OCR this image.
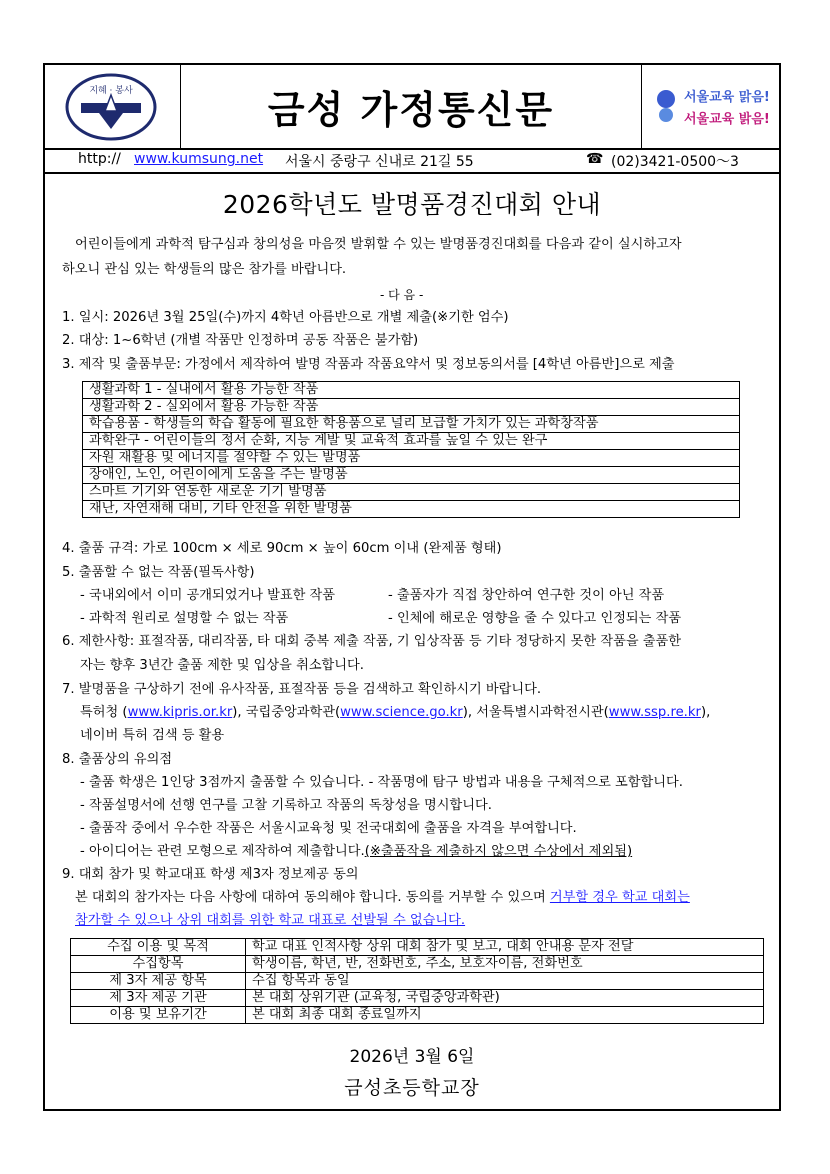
지혜 · 봉사	금성 가정통신문	서울교육 맑음!
서울교육 밝음!
http:// www.kumsung.net 서울시 중랑구 신내로 21길 55	☎ (02)3421-0500～3
2026학년도 발명품경진대회 안내
어린이들에게 과학적 탐구심과 창의성을 마음껏 발휘할 수 있는 발명품경진대회를 다음과 같이 실시하고자
하오니 관심 있는 학생들의 많은 참가를 바랍니다.
- 다 음 -
1. 일시: 2026년 3월 25일(수)까지 4학년 아름반으로 개별 제출(※기한 엄수)
2. 대상: 1~6학년 (개별 작품만 인정하며 공동 작품은 불가함)
3. 제작 및 출품부문: 가정에서 제작하여 발명 작품과 작품요약서 및 정보동의서를 [4학년 아름반]으로 제출
생활과학 1 - 실내에서 활용 가능한 작품
생활과학 2 - 실외에서 활용 가능한 작품
학습용품 - 학생들의 학습 활동에 필요한 학용품으로 널리 보급할 가치가 있는 과학창작품
과학완구 - 어린이들의 정서 순화, 지능 계발 및 교육적 효과를 높일 수 있는 완구
자원 재활용 및 에너지를 절약할 수 있는 발명품
장애인, 노인, 어린이에게 도움을 주는 발명품
스마트 기기와 연동한 새로운 기기 발명품
재난, 자연재해 대비, 기타 안전을 위한 발명품
4. 출품 규격: 가로 100cm × 세로 90cm × 높이 60cm 이내 (완제품 형태)
5. 출품할 수 없는 작품(필독사항)
- 국내외에서 이미 공개되었거나 발표한 작품	- 출품자가 직접 창안하여 연구한 것이 아닌 작품
- 과학적 원리로 설명할 수 없는 작품	- 인체에 해로운 영향을 줄 수 있다고 인정되는 작품
6. 제한사항: 표절작품, 대리작품, 타 대회 중복 제출 작품, 기 입상작품 등 기타 정당하지 못한 작품을 출품한
자는 향후 3년간 출품 제한 및 입상을 취소합니다.
7. 발명품을 구상하기 전에 유사작품, 표절작품 등을 검색하고 확인하시기 바랍니다.
특허청 (www.kipris.or.kr), 국립중앙과학관(www.science.go.kr), 서울특별시과학전시관(www.ssp.re.kr),
네이버 특허 검색 등 활용
8. 출품상의 유의점
- 출품 학생은 1인당 3점까지 출품할 수 있습니다. - 작품명에 탐구 방법과 내용을 구체적으로 포함합니다.
- 작품설명서에 선행 연구를 고찰 기록하고 작품의 독창성을 명시합니다.
- 출품작 중에서 우수한 작품은 서울시교육청 및 전국대회에 출품을 자격을 부여합니다.
- 아이디어는 관련 모형으로 제작하여 제출합니다.(※출품작을 제출하지 않으면 수상에서 제외됨)
9. 대회 참가 및 학교대표 학생 제3자 정보제공 동의
본 대회의 참가자는 다음 사항에 대하여 동의해야 합니다. 동의를 거부할 수 있으며 거부할 경우 학교 대회는
참가할 수 있으나 상위 대회를 위한 학교 대표로 선발될 수 없습니다.
수집 이용 및 목적	학교 대표 인적사항 상위 대회 참가 및 보고, 대회 안내용 문자 전달
수집항목	학생이름, 학년, 반, 전화번호, 주소, 보호자이름, 전화번호
제 3자 제공 항목	수집 항목과 동일
제 3자 제공 기관	본 대회 상위기관 (교육청, 국립중앙과학관)
이용 및 보유기간	본 대회 최종 대회 종료일까지
2026년 3월 6일
금성초등학교장
